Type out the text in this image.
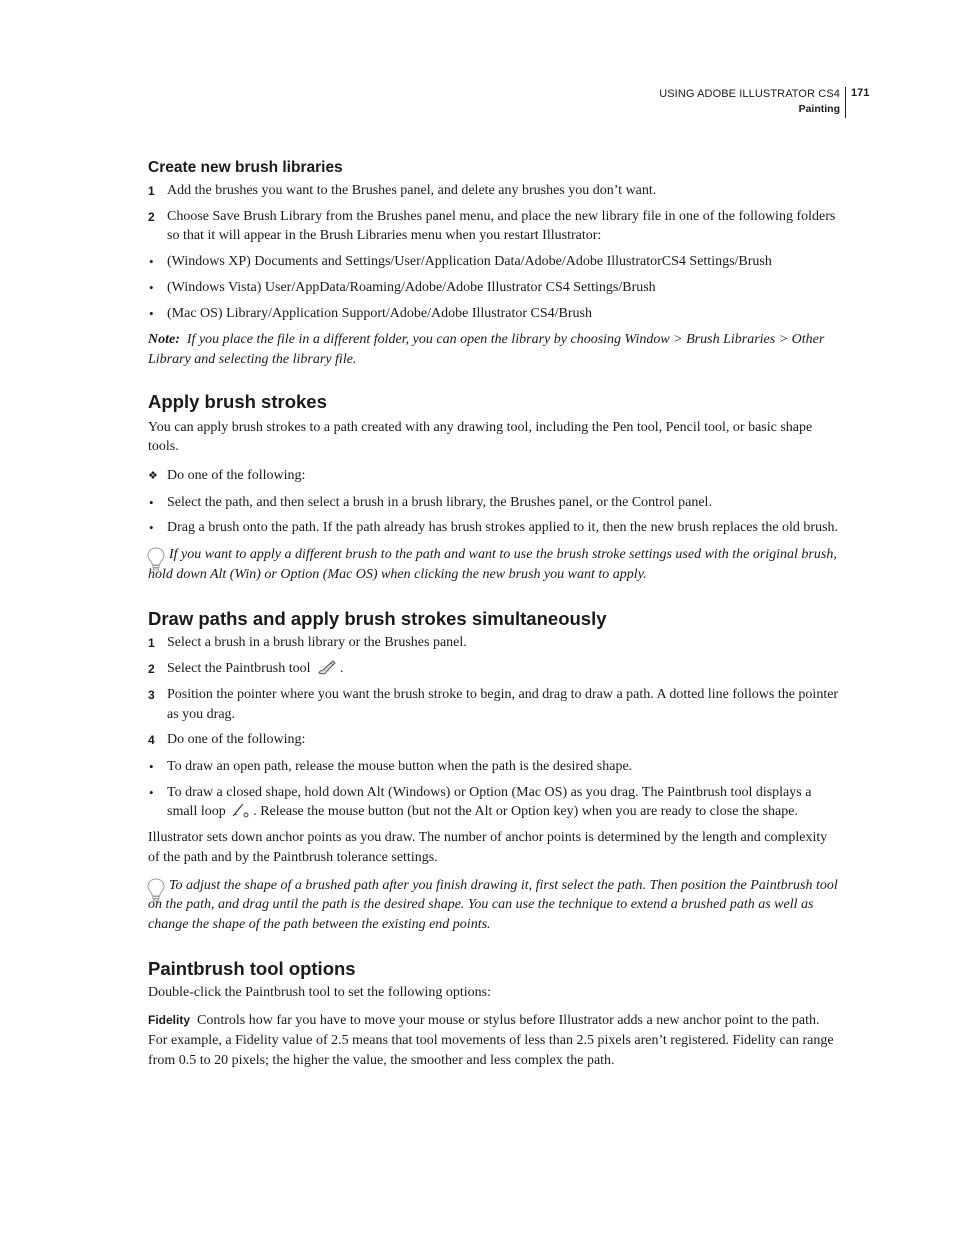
USING ADOBE ILLUSTRATOR CS4
Painting
171
Create new brush libraries
1 Add the brushes you want to the Brushes panel, and delete any brushes you don’t want.
2 Choose Save Brush Library from the Brushes panel menu, and place the new library file in one of the following folders so that it will appear in the Brush Libraries menu when you restart Illustrator:
• (Windows XP) Documents and Settings/User/Application Data/Adobe/Adobe IllustratorCS4 Settings/Brush
• (Windows Vista) User/AppData/Roaming/Adobe/Adobe Illustrator CS4 Settings/Brush
• (Mac OS) Library/Application Support/Adobe/Adobe Illustrator CS4/Brush

Note: If you place the file in a different folder, you can open the library by choosing Window > Brush Libraries > Other Library and selecting the library file.

Apply brush strokes

You can apply brush strokes to a path created with any drawing tool, including the Pen tool, Pencil tool, or basic shape tools.

❖ Do one of the following:
• Select the path, and then select a brush in a brush library, the Brushes panel, or the Control panel.
• Drag a brush onto the path. If the path already has brush strokes applied to it, then the new brush replaces the old brush.
If you want to apply a different brush to the path and want to use the brush stroke settings used with the original brush, hold down Alt (Win) or Option (Mac OS) when clicking the new brush you want to apply.
Draw paths and apply brush strokes simultaneously
1 Select a brush in a brush library or the Brushes panel.
2 Select the Paintbrush tool .
3 Position the pointer where you want the brush stroke to begin, and drag to draw a path. A dotted line follows the pointer as you drag.
4 Do one of the following:
• To draw an open path, release the mouse button when the path is the desired shape.
• To draw a closed shape, hold down Alt (Windows) or Option (Mac OS) as you drag. The Paintbrush tool displays a small loop . Release the mouse button (but not the Alt or Option key) when you are ready to close the shape.

Illustrator sets down anchor points as you draw. The number of anchor points is determined by the length and complexity of the path and by the Paintbrush tolerance settings.

To adjust the shape of a brushed path after you finish drawing it, first select the path. Then position the Paintbrush tool on the path, and drag until the path is the desired shape. You can use the technique to extend a brushed path as well as change the shape of the path between the existing end points.
Paintbrush tool options

Double-click the Paintbrush tool to set the following options:

Fidelity Controls how far you have to move your mouse or stylus before Illustrator adds a new anchor point to the path. For example, a Fidelity value of 2.5 means that tool movements of less than 2.5 pixels aren’t registered. Fidelity can range from 0.5 to 20 pixels; the higher the value, the smoother and less complex the path.
